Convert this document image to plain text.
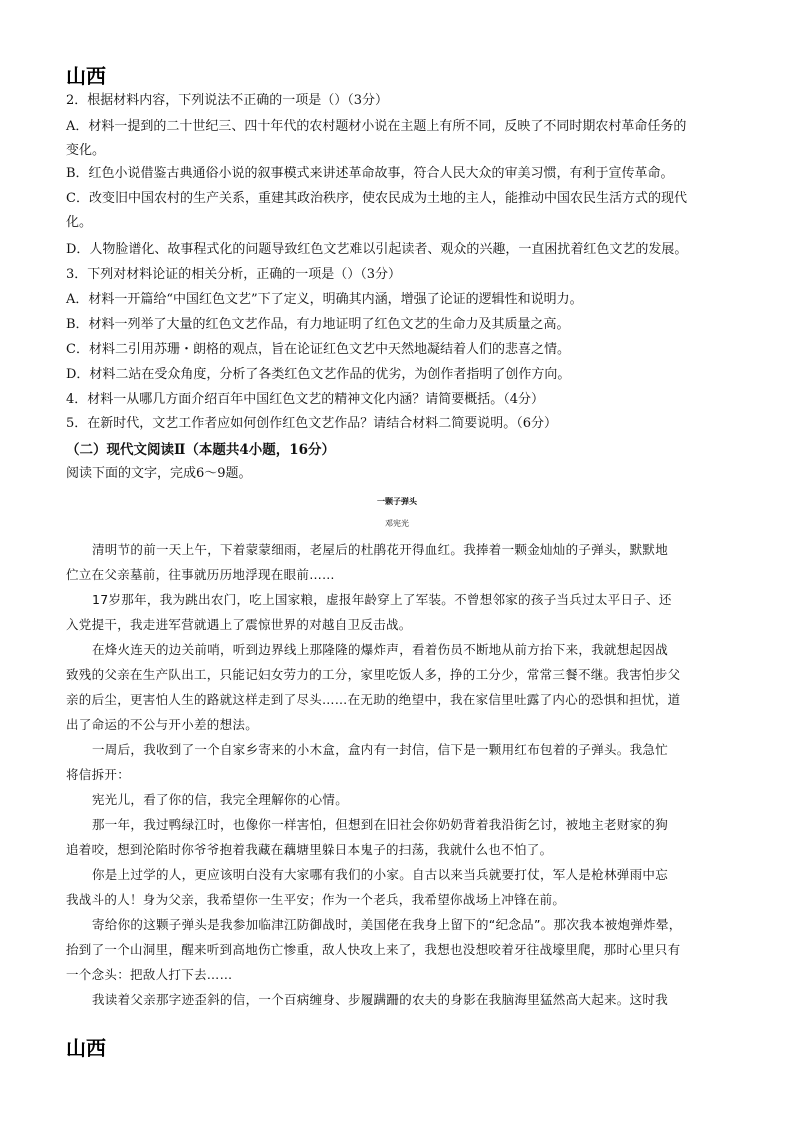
山西
2．根据材料内容，下列说法不正确的一项是（）（3分）
A．材料一提到的二十世纪三、四十年代的农村题材小说在主题上有所不同，反映了不同时期农村革命任务的
变化。
B．红色小说借鉴古典通俗小说的叙事模式来讲述革命故事，符合人民大众的审美习惯，有利于宣传革命。
C．改变旧中国农村的生产关系，重建其政治秩序，使农民成为土地的主人，能推动中国农民生活方式的现代
化。
D．人物脸谱化、故事程式化的问题导致红色文艺难以引起读者、观众的兴趣，一直困扰着红色文艺的发展。
3．下列对材料论证的相关分析，正确的一项是（）（3分）
A．材料一开篇给“中国红色文艺”下了定义，明确其内涵，增强了论证的逻辑性和说明力。
B．材料一列举了大量的红色文艺作品，有力地证明了红色文艺的生命力及其质量之高。
C．材料二引用苏珊・朗格的观点，旨在论证红色文艺中天然地凝结着人们的悲喜之情。
D．材料二站在受众角度，分析了各类红色文艺作品的优劣，为创作者指明了创作方向。
4．材料一从哪几方面介绍百年中国红色文艺的精神文化内涵？请简要概括。（4分）
5．在新时代，文艺工作者应如何创作红色文艺作品？请结合材料二简要说明。（6分）
（二）现代文阅读Ⅱ（本题共4小题，16分）
阅读下面的文字，完成6～9题。
一颗子弹头
邓宪光
清明节的前一天上午，下着蒙蒙细雨，老屋后的杜鹃花开得血红。我捧着一颗金灿灿的子弹头，默默地
伫立在父亲墓前，往事就历历地浮现在眼前……
17岁那年，我为跳出农门，吃上国家粮，虚报年龄穿上了军装。不曾想邻家的孩子当兵过太平日子、还
入党提干，我走进军营就遇上了震惊世界的对越自卫反击战。
在烽火连天的边关前哨，听到边界线上那隆隆的爆炸声，看着伤员不断地从前方抬下来，我就想起因战
致残的父亲在生产队出工，只能记妇女劳力的工分，家里吃饭人多，挣的工分少，常常三餐不继。我害怕步父
亲的后尘，更害怕人生的路就这样走到了尽头……在无助的绝望中，我在家信里吐露了内心的恐惧和担忧，道
出了命运的不公与开小差的想法。
一周后，我收到了一个自家乡寄来的小木盒，盒内有一封信，信下是一颗用红布包着的子弹头。我急忙
将信拆开：
宪光儿，看了你的信，我完全理解你的心情。
那一年，我过鸭绿江时，也像你一样害怕，但想到在旧社会你奶奶背着我沿街乞讨，被地主老财家的狗
追着咬，想到沦陷时你爷爷抱着我藏在藕塘里躲日本鬼子的扫荡，我就什么也不怕了。
你是上过学的人，更应该明白没有大家哪有我们的小家。自古以来当兵就要打仗，军人是枪林弹雨中忘
我战斗的人！身为父亲，我希望你一生平安；作为一个老兵，我希望你战场上冲锋在前。
寄给你的这颗子弹头是我参加临津江防御战时，美国佬在我身上留下的“纪念品”。那次我本被炮弹炸晕，
抬到了一个山洞里，醒来听到高地伤亡惨重，敌人快攻上来了，我想也没想咬着牙往战壕里爬，那时心里只有
一个念头：把敌人打下去……
我读着父亲那字迹歪斜的信，一个百病缠身、步履蹒跚的农夫的身影在我脑海里猛然高大起来。这时我
山西
